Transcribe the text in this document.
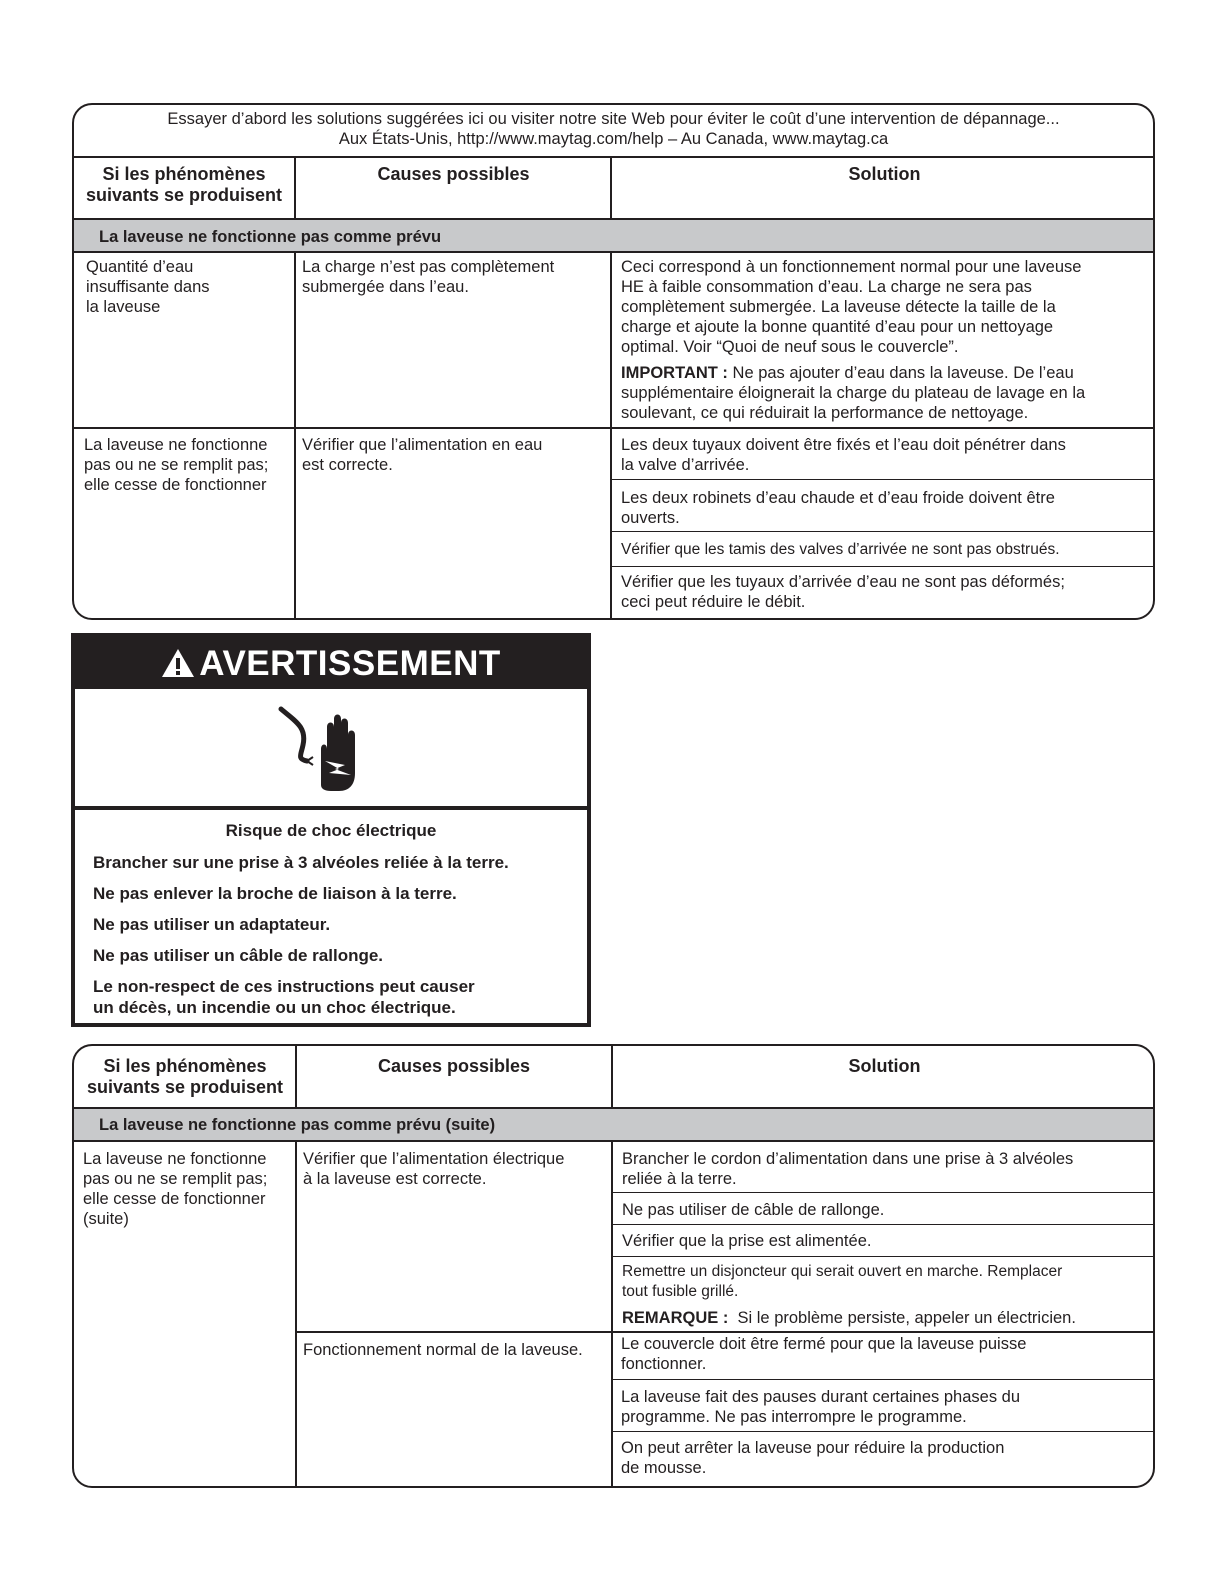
Essayer d’abord les solutions suggérées ici ou visiter notre site Web pour éviter le coût d’une intervention de dépannage...
Aux États-Unis, http://www.maytag.com/help – Au Canada, www.maytag.ca
Si les phénomènes
suivants se produisent
Causes possibles	Solution
La laveuse ne fonctionne pas comme prévu
Quantité d’eau
insuffisante dans
la laveuse
La charge n’est pas complètement
submergée dans l’eau.
Ceci correspond à un fonctionnement normal pour une laveuse
HE à faible consommation d’eau. La charge ne sera pas
complètement submergée. La laveuse détecte la taille de la
charge et ajoute la bonne quantité d’eau pour un nettoyage
optimal. Voir “Quoi de neuf sous le couvercle”.
IMPORTANT : Ne pas ajouter d’eau dans la laveuse. De l’eau
supplémentaire éloignerait la charge du plateau de lavage en la
soulevant, ce qui réduirait la performance de nettoyage.
La laveuse ne fonctionne
pas ou ne se remplit pas;
elle cesse de fonctionner
Vérifier que l’alimentation en eau
est correcte.
Les deux tuyaux doivent être fixés et l’eau doit pénétrer dans
la valve d’arrivée.
Les deux robinets d’eau chaude et d’eau froide doivent être
ouverts.
Vérifier que les tamis des valves d’arrivée ne sont pas obstrués.
Vérifier que les tuyaux d’arrivée d’eau ne sont pas déformés;
ceci peut réduire le débit.
AVERTISSEMENT
Risque de choc électrique
Brancher sur une prise à 3 alvéoles reliée à la terre.
Ne pas enlever la broche de liaison à la terre.
Ne pas utiliser un adaptateur.
Ne pas utiliser un câble de rallonge.
Le non-respect de ces instructions peut causer
un décès, un incendie ou un choc électrique.
Si les phénomènes
suivants se produisent
Causes possibles	Solution
La laveuse ne fonctionne pas comme prévu (suite)
La laveuse ne fonctionne
pas ou ne se remplit pas;
elle cesse de fonctionner
(suite)
Vérifier que l’alimentation électrique
à la laveuse est correcte.
Brancher le cordon d’alimentation dans une prise à 3 alvéoles
reliée à la terre.
Ne pas utiliser de câble de rallonge.
Vérifier que la prise est alimentée.
Remettre un disjoncteur qui serait ouvert en marche. Remplacer
tout fusible grillé.
REMARQUE :  Si le problème persiste, appeler un électricien.
Fonctionnement normal de la laveuse. Le couvercle doit être fermé pour que la laveuse puisse
fonctionner.
La laveuse fait des pauses durant certaines phases du
programme. Ne pas interrompre le programme.
On peut arrêter la laveuse pour réduire la production
de mousse.
